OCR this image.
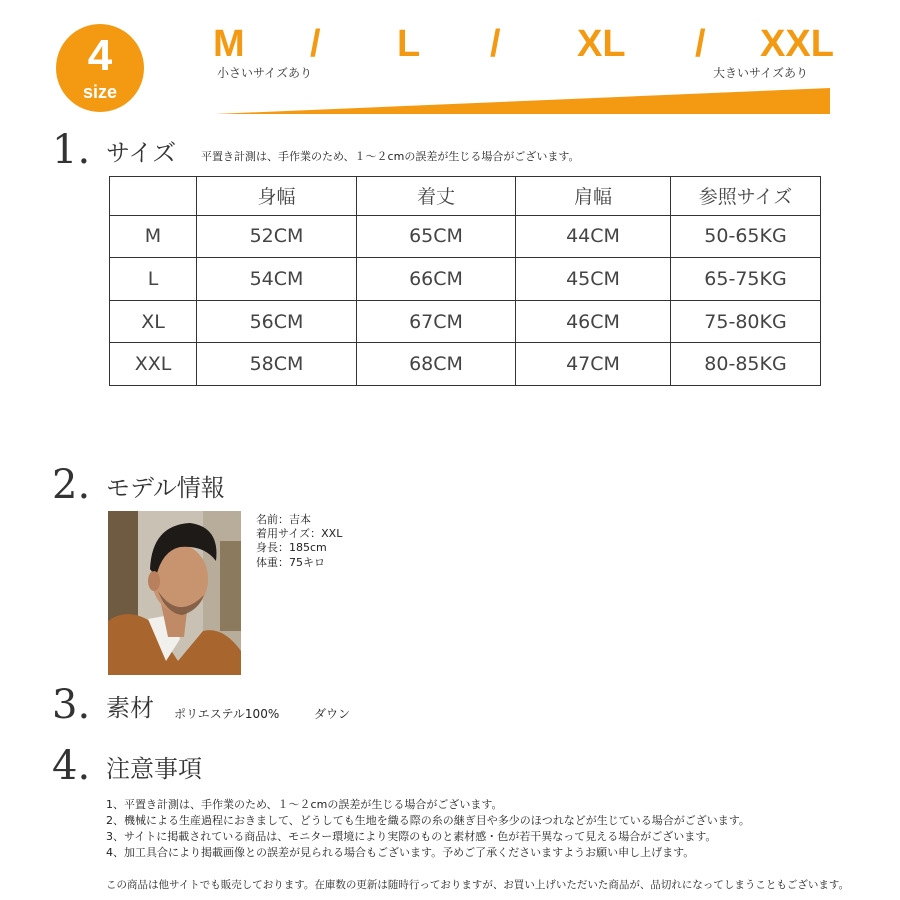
4
size
M / L / XL / XXL
小さいサイズあり	大きいサイズあり
1. サイズ 平置き計測は、手作業のため、１～２cmの誤差が生じる場合がございます。
	身幅	着丈	肩幅	参照サイズ
M	52CM	65CM	44CM	50-65KG
L	54CM	66CM	45CM	65-75KG
XL	56CM	67CM	46CM	75-80KG
XXL	58CM	68CM	47CM	80-85KG
2. モデル情報
名前：吉本
着用サイズ：XXL
身長：185cm
体重：75キロ
3. 素材 ポリエステル100%	ダウン
4. 注意事項
1、平置き計測は、手作業のため、１～２cmの誤差が生じる場合がございます。
2、機械による生産過程におきまして、どうしても生地を織る際の糸の継ぎ目や多少のほつれなどが生じている場合がございます。
3、サイトに掲載されている商品は、モニター環境により実際のものと素材感・色が若干異なって見える場合がございます。
4、加工具合により掲載画像との誤差が見られる場合もございます。予めご了承くださいますようお願い申し上げます。
この商品は他サイトでも販売しております。在庫数の更新は随時行っておりますが、お買い上げいただいた商品が、品切れになってしまうこともございます。
